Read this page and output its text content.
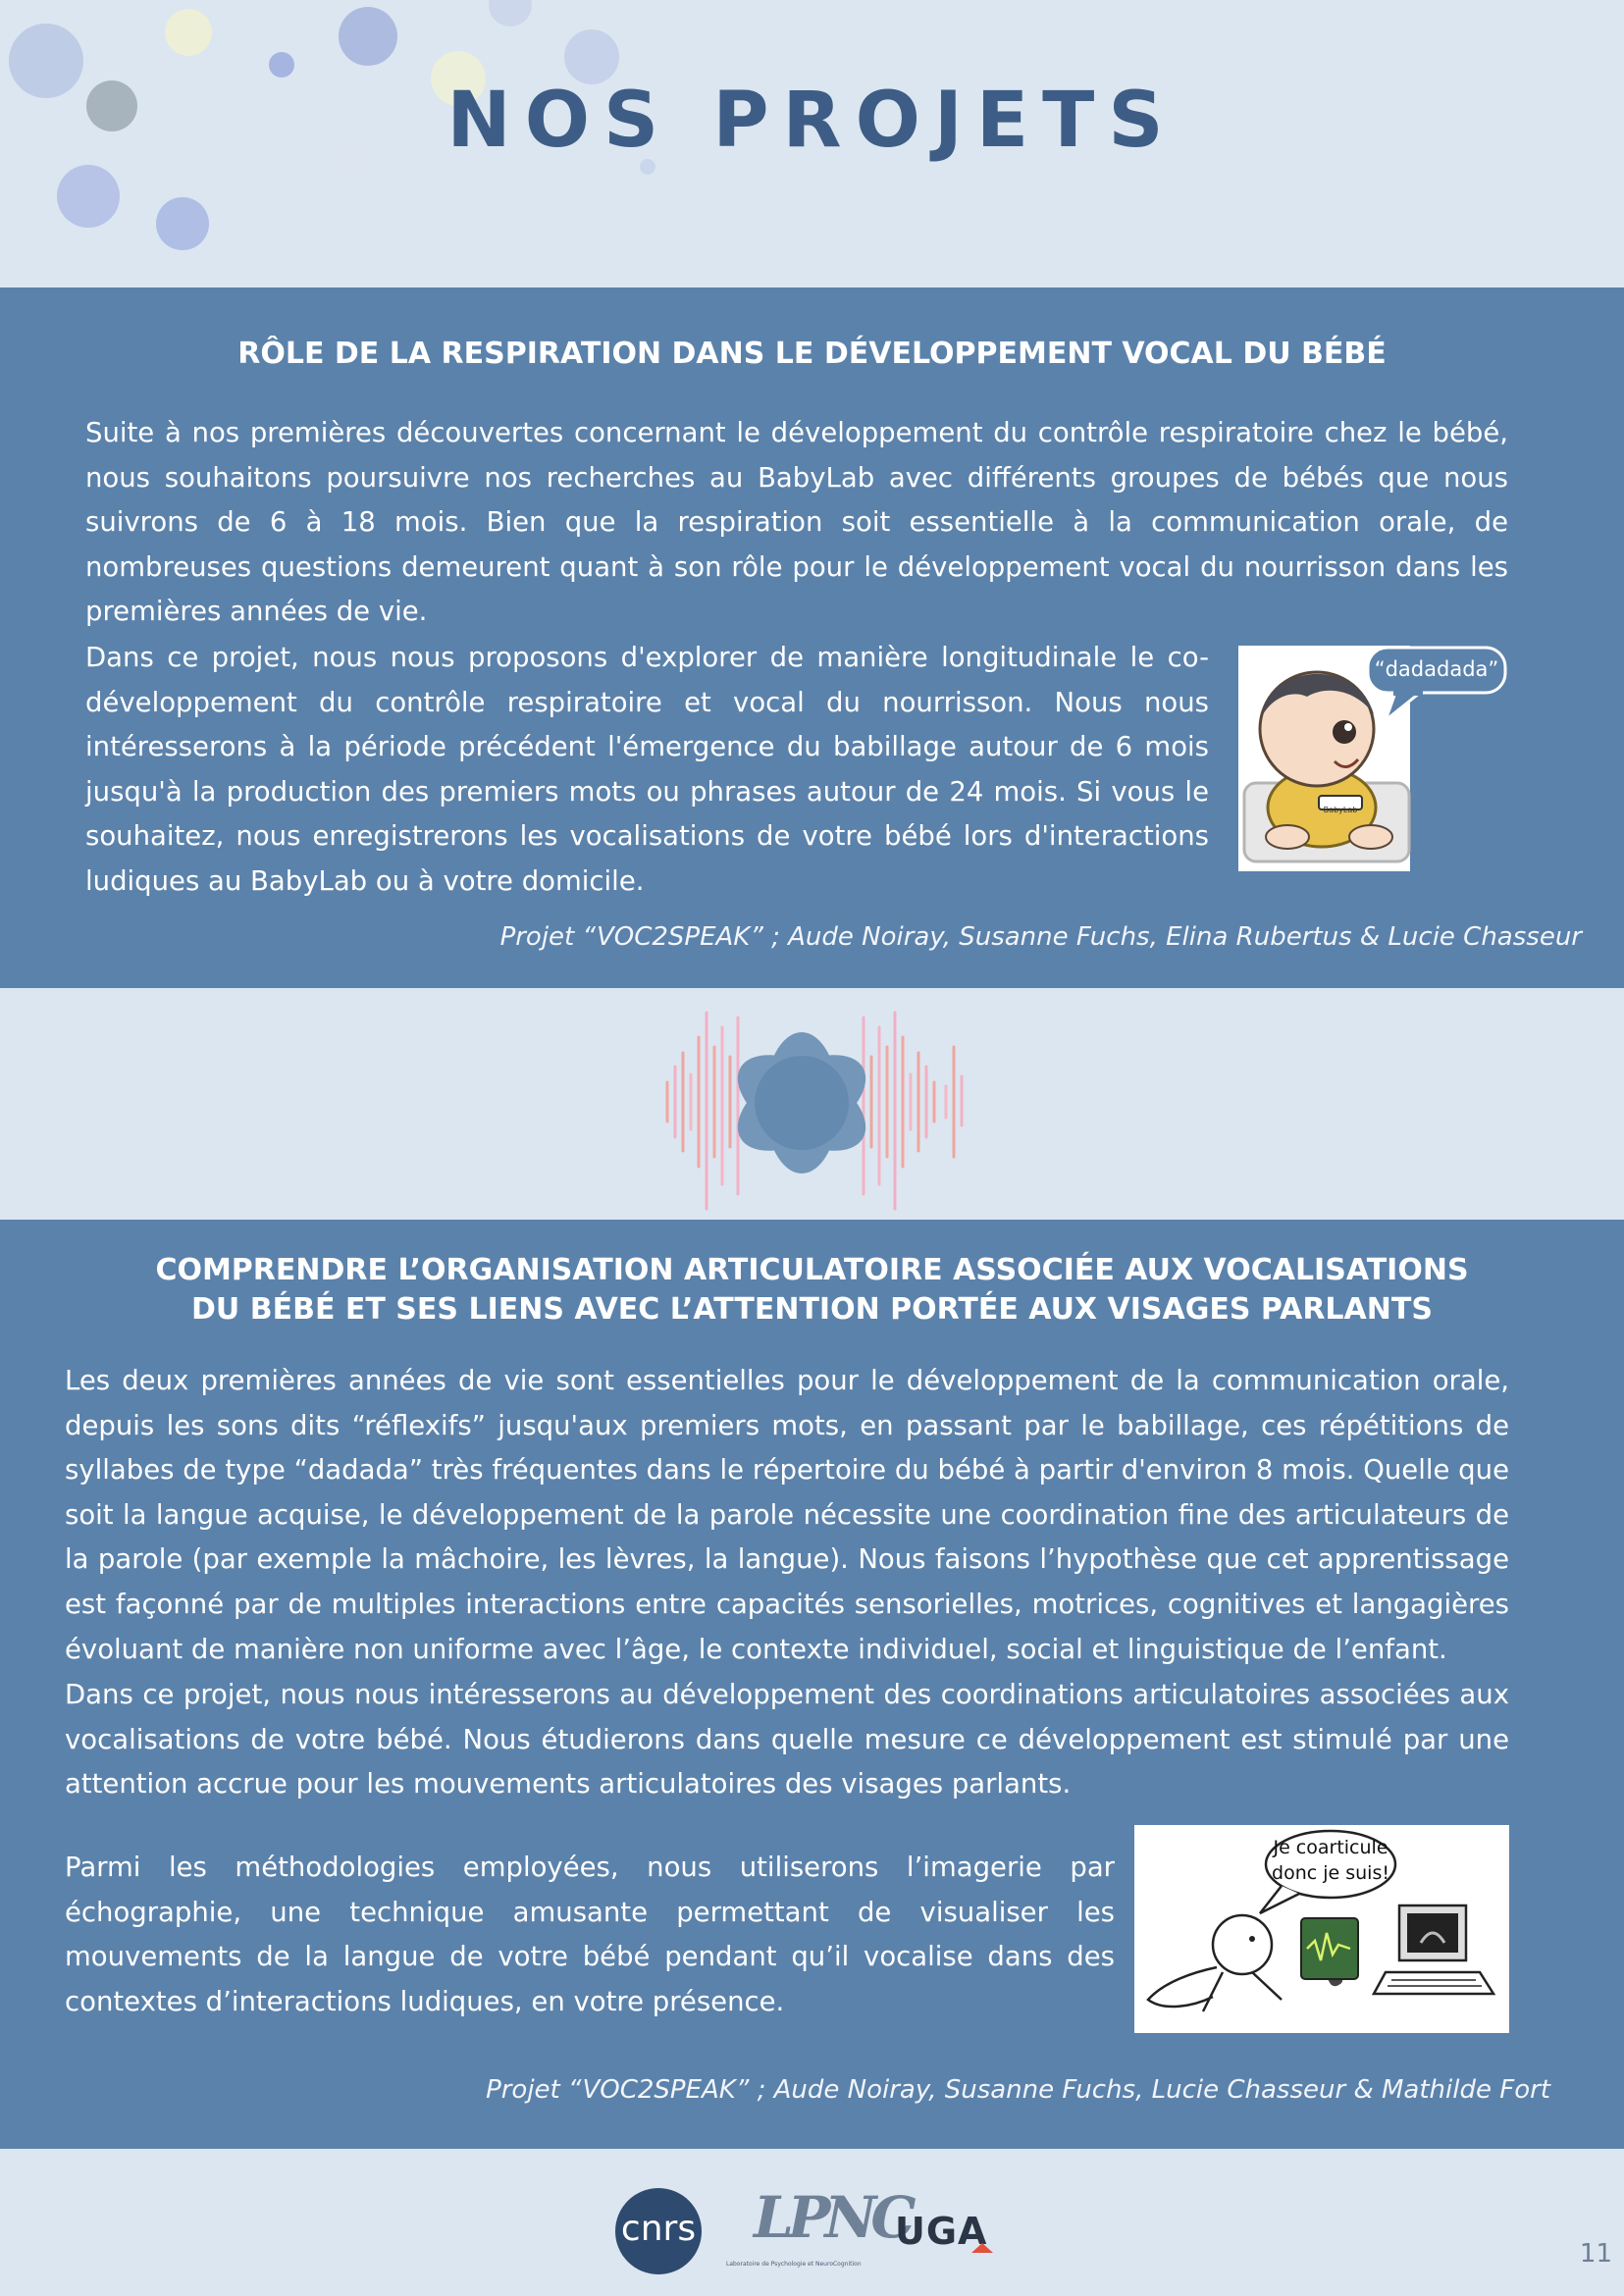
NOS PROJETS
RÔLE DE LA RESPIRATION DANS LE DÉVELOPPEMENT VOCAL DU BÉBÉ

Suite à nos premières découvertes concernant le développement du contrôle respiratoire chez le bébé, nous souhaitons poursuivre nos recherches au BabyLab avec différents groupes de bébés que nous suivrons de 6 à 18 mois. Bien que la respiration soit essentielle à la communication orale, de nombreuses questions demeurent quant à son rôle pour le développement vocal du nourrisson dans les premières années de vie.

Dans ce projet, nous nous proposons d'explorer de manière longitudinale le co-développement du contrôle respiratoire et vocal du nourrisson. Nous nous intéresserons à la période précédent l'émergence du babillage autour de 6 mois jusqu'à la production des premiers mots ou phrases autour de 24 mois. Si vous le souhaitez, nous enregistrerons les vocalisations de votre bébé lors d'interactions ludiques au BabyLab ou à votre domicile.

“dadadada”
BabyLab

Projet “VOC2SPEAK” ; Aude Noiray, Susanne Fuchs, Elina Rubertus & Lucie Chasseur

COMPRENDRE L’ORGANISATION ARTICULATOIRE ASSOCIÉE AUX VOCALISATIONS
DU BÉBÉ ET SES LIENS AVEC L’ATTENTION PORTÉE AUX VISAGES PARLANTS

Les deux premières années de vie sont essentielles pour le développement de la communication orale, depuis les sons dits “réflexifs” jusqu'aux premiers mots, en passant par le babillage, ces répétitions de syllabes de type “dadada” très fréquentes dans le répertoire du bébé à partir d'environ 8 mois. Quelle que soit la langue acquise, le développement de la parole nécessite une coordination fine des articulateurs de la parole (par exemple la mâchoire, les lèvres, la langue). Nous faisons l’hypothèse que cet apprentissage est façonné par de multiples interactions entre capacités sensorielles, motrices, cognitives et langagières évoluant de manière non uniforme avec l’âge, le contexte individuel, social et linguistique de l’enfant.

Dans ce projet, nous nous intéresserons au développement des coordinations articulatoires associées aux vocalisations de votre bébé. Nous étudierons dans quelle mesure ce développement est stimulé par une attention accrue pour les mouvements articulatoires des visages parlants.

Parmi les méthodologies employées, nous utiliserons l’imagerie par échographie, une technique amusante permettant de visualiser les mouvements de la langue de votre bébé pendant qu’il vocalise dans des contextes d’interactions ludiques, en votre présence.

Je coarticule
donc je suis!

Projet “VOC2SPEAK” ; Aude Noiray, Susanne Fuchs, Lucie Chasseur & Mathilde Fort

cnrs LPNC
Laboratoire de Psychologie et NeuroCognition
UGA
11
